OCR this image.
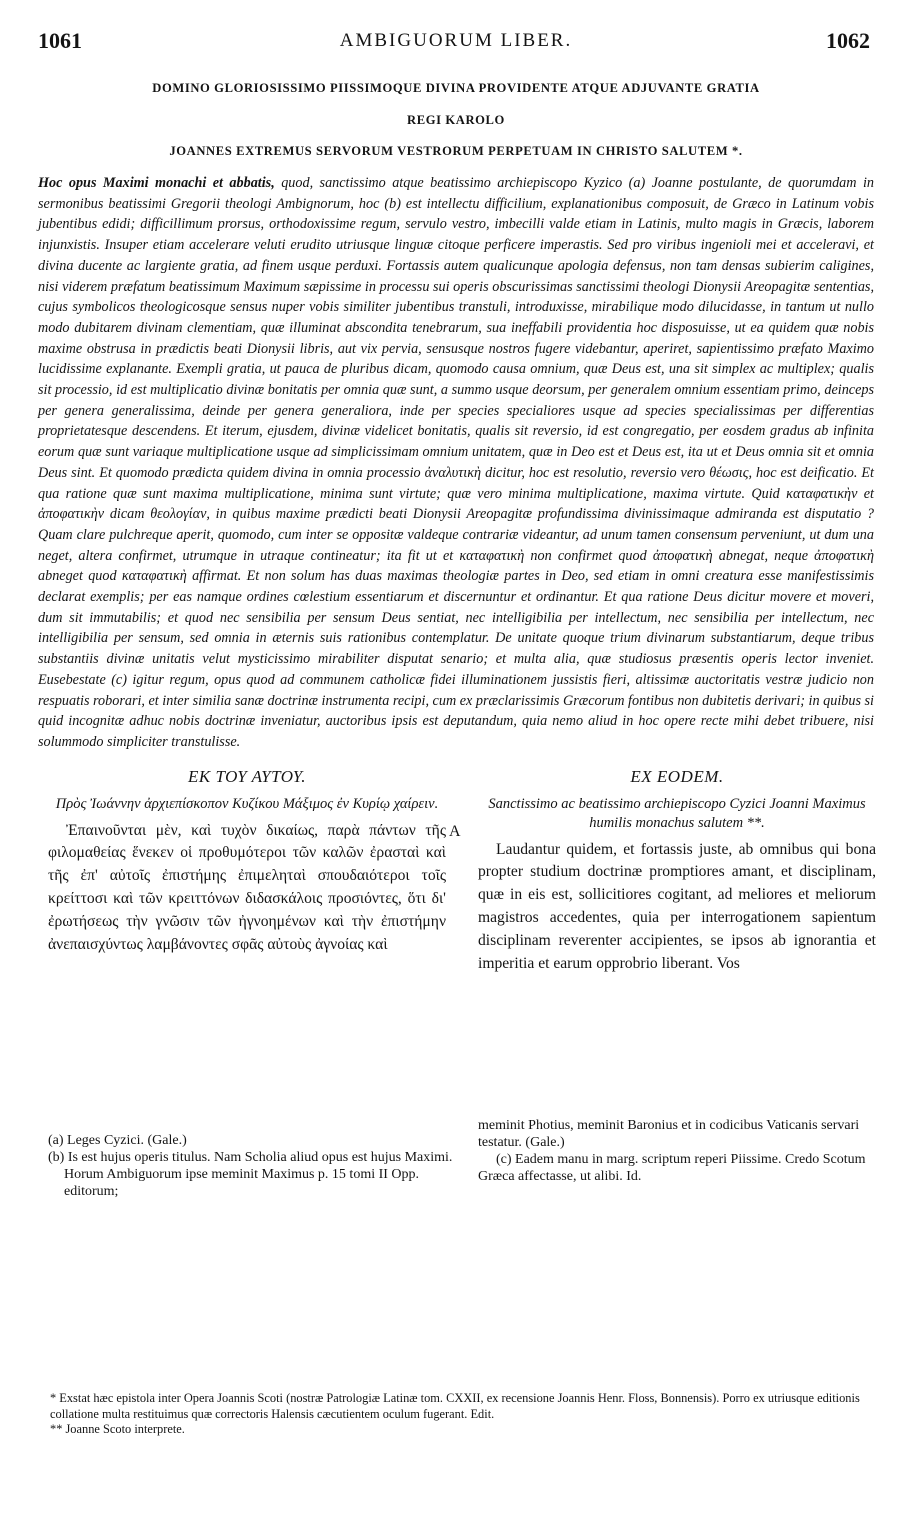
1061	AMBIGUORUM LIBER.	1062
DOMINO GLORIOSISSIMO PIISSIMOQUE DIVINA PROVIDENTE ATQUE ADJUVANTE GRATIA
REGI KAROLO
JOANNES EXTREMUS SERVORUM VESTRORUM PERPETUAM IN CHRISTO SALUTEM *.
Hoc opus Maximi monachi et abbatis, quod, sanctissimo atque beatissimo archiepiscopo Kyzico (a) Joanne postulante, de quorumdam in sermonibus beatissimi Gregorii theologi Ambignorum, hoc (b) est intellectu difficilium, explanationibus composuit, de Græco in Latinum vobis jubentibus edidi; difficillimum prorsus, orthodoxissime regum, servulo vestro, imbecilli valde etiam in Latinis, multo magis in Græcis, laborem injunxistis. Insuper etiam accelerare veluti erudito utriusque linguæ citoque perficere imperastis. Sed pro viribus ingenioli mei et acceleravi, et divina ducente ac largiente gratia, ad finem usque perduxi. Fortassis autem qualicunque apologia defensus, non tam densas subierim caligines, nisi viderem præfatum beatissimum Maximum sæpissime in processu sui operis obscurissimas sanctissimi theologi Dionysii Areopagitæ sententias, cujus symbolicos theologicosque sensus nuper vobis similiter jubentibus transtuli, introduxisse, mirabilique modo dilucidasse, in tantum ut nullo modo dubitarem divinam clementiam, quæ illuminat abscondita tenebrarum, sua ineffabili providentia hoc disposuisse, ut ea quidem quæ nobis maxime obstrusa in prædictis beati Dionysii libris, aut vix pervia, sensusque nostros fugere videbantur, aperiret, sapientissimo præfato Maximo lucidissime explanante. Exempli gratia, ut pauca de pluribus dicam, quomodo causa omnium, quæ Deus est, una sit simplex ac multiplex; qualis sit processio, id est multiplicatio divinæ bonitatis per omnia quæ sunt, a summo usque deorsum, per generalem omnium essentiam primo, deinceps per genera generalissima, deinde per genera generaliora, inde per species specialiores usque ad species specialissimas per differentias proprietatesque descendens. Et iterum, ejusdem, divinæ videlicet bonitatis, qualis sit reversio, id est congregatio, per eosdem gradus ab infinita eorum quæ sunt variaque multiplicatione usque ad simplicissimam omnium unitatem, quæ in Deo est et Deus est, ita ut et Deus omnia sit et omnia Deus sint. Et quomodo prædicta quidem divina in omnia processio ἀναλυτικὴ dicitur, hoc est resolutio, reversio vero θέωσις, hoc est deificatio. Et qua ratione quæ sunt maxima multiplicatione, minima sunt virtute; quæ vero minima multiplicatione, maxima virtute. Quid καταφατικὴν et ἀποφατικὴν dicam θεολογίαν, in quibus maxime prædicti beati Dionysii Areopagitæ profundissima divinissimaque admiranda est disputatio ? Quam clare pulchreque aperit, quomodo, cum inter se oppositæ valdeque contrariæ videantur, ad unum tamen consensum perveniunt, ut dum una neget, altera confirmet, utrumque in utraque contineatur; ita fit ut et καταφατικὴ non confirmet quod ἀποφατικὴ abnegat, neque ἀποφατικὴ abneget quod καταφατικὴ affirmat. Et non solum has duas maximas theologiæ partes in Deo, sed etiam in omni creatura esse manifestissimis declarat exemplis; per eas namque ordines cœlestium essentiarum et discernuntur et ordinantur. Et qua ratione Deus dicitur movere et moveri, dum sit immutabilis; et quod nec sensibilia per sensum Deus sentiat, nec intelligibilia per intellectum, nec sensibilia per intellectum, nec intelligibilia per sensum, sed omnia in æternis suis rationibus contemplatur. De unitate quoque trium divinarum substantiarum, deque tribus substantiis divinæ unitatis velut mysticissimo mirabiliter disputat senario; et multa alia, quæ studiosus præsentis operis lector inveniet. Eusebestate (c) igitur regum, opus quod ad communem catholicæ fidei illuminationem jussistis fieri, altissimæ auctoritatis vestræ judicio non respuatis roborari, et inter similia sanæ doctrinæ instrumenta recipi, cum ex præclarissimis Græcorum fontibus non dubitetis derivari; in quibus si quid incognitæ adhuc nobis doctrinæ inveniatur, auctoribus ipsis est deputandum, quia nemo aliud in hoc opere recte mihi debet tribuere, nisi solummodo simpliciter transtulisse.
ΕΚ ΤΟΥ ΑΥΤΟΥ.
Πρὸς Ἰωάννην ἀρχιεπίσκοπον Κυζίκου Μάξιμος ἐν Κυρίῳ χαίρειν.
Ἐπαινοῦνται μὲν, καὶ τυχὸν δικαίως, παρὰ πάντων τῆς φιλομαθείας ἕνεκεν οἱ προθυμότεροι τῶν καλῶν ἐρασταὶ καὶ τῆς ἐπ' αὐτοῖς ἐπιστήμης ἐπιμεληταὶ σπουδαιότεροι τοῖς κρείττοσι καὶ τῶν κρειττόνων διδασκάλοις προσιόντες, ὅτι δι' ἐρωτήσεως τὴν γνῶσιν τῶν ἠγνοημένων καὶ τὴν ἐπιστήμην ἀνεπαισχύντως λαμβάνοντες σφᾶς αὐτοὺς ἀγνοίας καὶ
A
EX EODEM.
Sanctissimo ac beatissimo archiepiscopo Cyzici Joanni Maximus humilis monachus salutem **.
Laudantur quidem, et fortassis juste, ab omnibus qui bona propter studium doctrinæ promptiores amant, et disciplinam, quæ in eis est, sollicitiores cogitant, ad meliores et meliorum magistros accedentes, quia per interrogationem sapientum disciplinam reverenter accipientes, se ipsos ab ignorantia et imperitia et earum opprobrio liberant. Vos

(a) Leges Cyzici. (Gale.)

(b) Is est hujus operis titulus. Nam Scholia aliud opus est hujus Maximi. Horum Ambiguorum ipse meminit Maximus p. 15 tomi II Opp. editorum;

meminit Photius, meminit Baronius et in codicibus Vaticanis servari testatur. (Gale.)

(c) Eadem manu in marg. scriptum reperi Piissime. Credo Scotum Græca affectasse, ut alibi. Id.

* Exstat hæc epistola inter Opera Joannis Scoti (nostræ Patrologiæ Latinæ tom. CXXII, ex recensione Joannis Henr. Floss, Bonnensis). Porro ex utriusque editionis collatione multa restituimus quæ correctoris Halensis cæcutientem oculum fugerant. Edit.

** Joanne Scoto interprete.
